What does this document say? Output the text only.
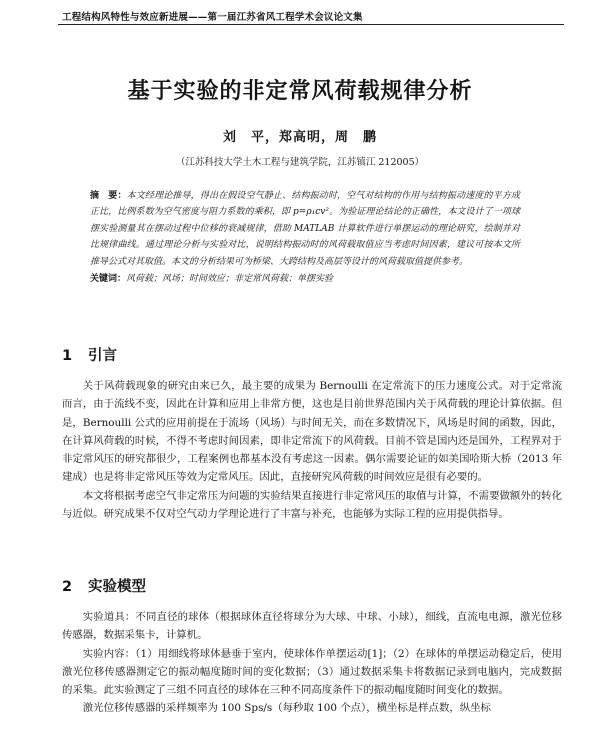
工程结构风特性与效应新进展——第一届江苏省风工程学术会议论文集
基于实验的非定常风荷载规律分析
刘　平，郑高明，周　鹏
（江苏科技大学土木工程与建筑学院，江苏镇江 212005）
摘　要：本文经理论推导，得出在假设空气静止、结构振动时，空气对结构的作用与结构振动速度的平方成正比，比例系数为空气密度与阻力系数的乘积，即 p=ρ₁cv²。为验证理论结论的正确性，本文设计了一项球摆实验测量其在摆动过程中位移的衰减规律，借助 MATLAB 计算软件进行单摆运动的理论研究，绘制并对比规律曲线。通过理论分析与实验对比，说明结构振动时的风荷载取值应当考虑时间因素，建议可按本文所推导公式对其取值。本文的分析结果可为桥梁、大跨结构及高层等设计的风荷载取值提供参考。
关键词：风荷载；风场；时间效应；非定常风荷载；单摆实验
1 引言

关于风荷载现象的研究由来已久，最主要的成果为 Bernoulli 在定常流下的压力速度公式。对于定常流而言，由于流线不变，因此在计算和应用上非常方便，这也是目前世界范围内关于风荷载的理论计算依据。但是，Bernoulli 公式的应用前提在于流场（风场）与时间无关，而在多数情况下，风场是时间的函数，因此，在计算风荷载的时候，不得不考虑时间因素，即非定常流下的风荷载。目前不管是国内还是国外，工程界对于非定常风压的研究都很少，工程案例也都基本没有考虑这一因素。偶尔需要论证的如美国哈斯大桥（2013 年建成）也是将非定常风压等效为定常风压。因此，直接研究风荷载的时间效应是很有必要的。

本文将根据考虑空气非定常压为问题的实验结果直接进行非定常风压的取值与计算，不需要做额外的转化与近似。研究成果不仅对空气动力学理论进行了丰富与补充，也能够为实际工程的应用提供指导。

2 实验模型

实验道具：不同直径的球体（根据球体直径将球分为大球、中球、小球），细线，直流电电源，激光位移传感器，数据采集卡，计算机。

实验内容：（1）用细线将球体悬垂于室内，使球体作单摆运动[1]；（2）在球体的单摆运动稳定后，使用激光位移传感器测定它的振动幅度随时间的变化数据；（3）通过数据采集卡将数据记录到电脑内，完成数据的采集。此实验测定了三组不同直径的球体在三种不同高度条件下的振动幅度随时间变化的数据。

激光位移传感器的采样频率为 100 Sps/s（每秒取 100 个点），横坐标是样点数，纵坐标
